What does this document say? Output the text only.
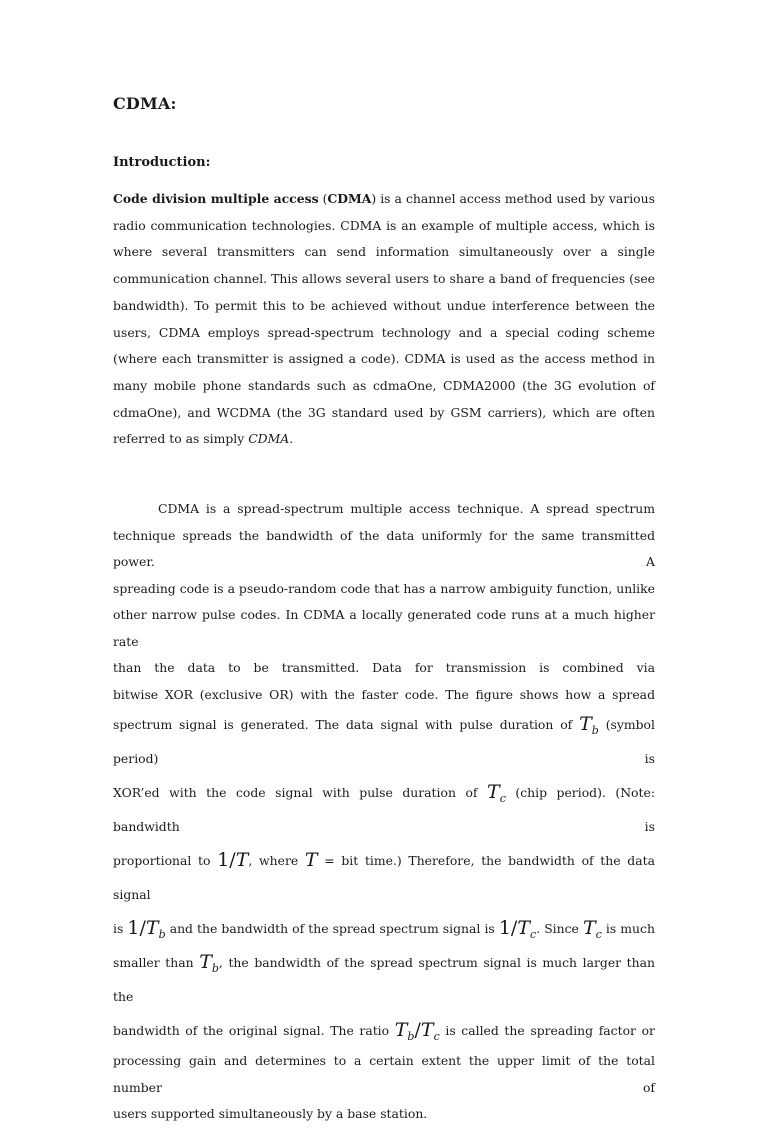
CDMA:
Introduction:

Code division multiple access (CDMA) is a channel access method used by various radio communication technologies. CDMA is an example of multiple access, which is where several transmitters can send information simultaneously over a single communication channel. This allows several users to share a band of frequencies (see bandwidth). To permit this to be achieved without undue interference between the users, CDMA employs spread-spectrum technology and a special coding scheme (where each transmitter is assigned a code). CDMA is used as the access method in many mobile phone standards such as cdmaOne, CDMA2000 (the 3G evolution of cdmaOne), and WCDMA (the 3G standard used by GSM carriers), which are often referred to as simply CDMA.

CDMA is a spread-spectrum multiple access technique. A spread spectrum
technique spreads the bandwidth of the data uniformly for the same transmitted power. A
spreading code is a pseudo-random code that has a narrow ambiguity function, unlike
other narrow pulse codes. In CDMA a locally generated code runs at a much higher rate
than the data to be transmitted. Data for transmission is combined via
bitwise XOR (exclusive OR) with the faster code. The figure shows how a spread
spectrum signal is generated. The data signal with pulse duration of $T_b$ (symbol period) is
XOR’ed with the code signal with pulse duration of $T_c$ (chip period). (Note: bandwidth is
proportional to 1/T, where T = bit time.) Therefore, the bandwidth of the data signal
is $1/T_b$ and the bandwidth of the spread spectrum signal is $1/T_c$. Since $T_c$ is much
smaller than $T_b$, the bandwidth of the spread spectrum signal is much larger than the
bandwidth of the original signal. The ratio $T_b/T_c$ is called the spreading factor or
processing gain and determines to a certain extent the upper limit of the total number of
users supported simultaneously by a base station.
